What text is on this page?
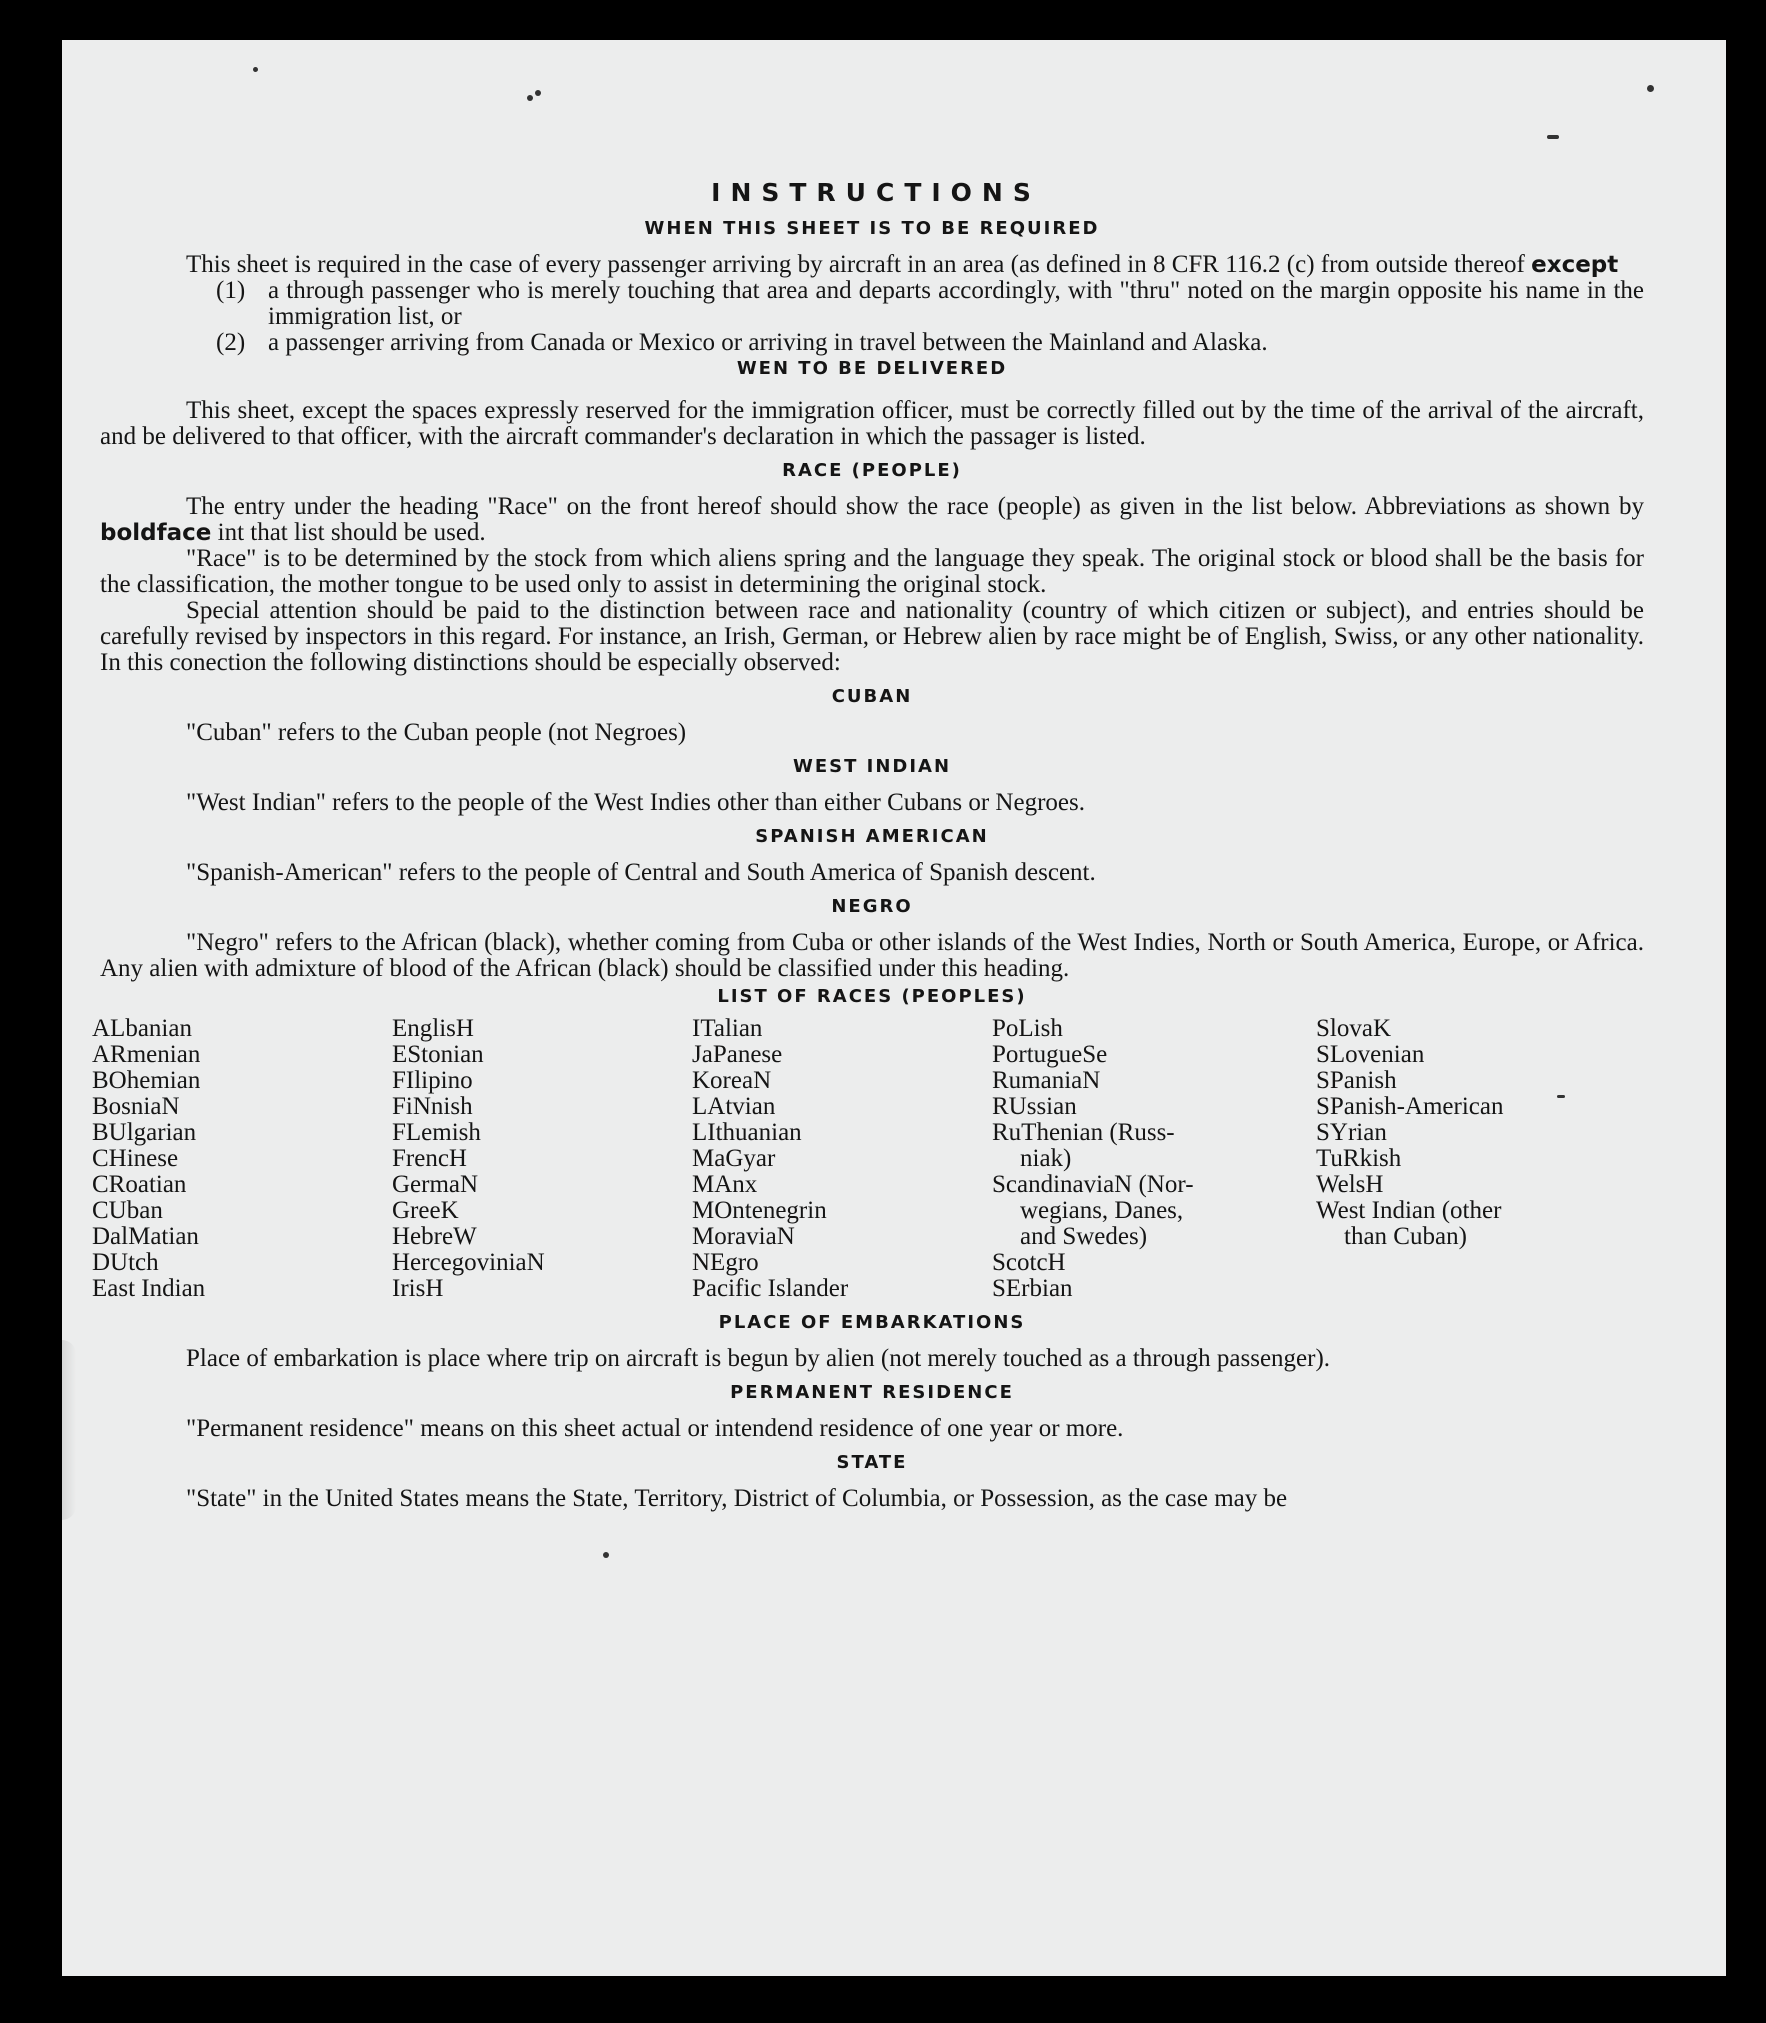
INSTRUCTIONS
WHEN THIS SHEET IS TO BE REQUIRED

This sheet is required in the case of every passenger arriving by aircraft in an area (as defined in 8 CFR 116.2 (c) from outside thereof except

(1) a through passenger who is merely touching that area and departs accordingly, with "thru" noted on the margin opposite his name in the immigration list, or
(2) a passenger arriving from Canada or Mexico or arriving in travel between the Mainland and Alaska.
WEN TO BE DELIVERED

This sheet, except the spaces expressly reserved for the immigration officer, must be correctly filled out by the time of the arrival of the aircraft, and be delivered to that officer, with the aircraft commander's declaration in which the passager is listed.

RACE (PEOPLE)

The entry under the heading "Race" on the front hereof should show the race (people) as given in the list below. Abbreviations as shown by boldface int that list should be used.

"Race" is to be determined by the stock from which aliens spring and the language they speak. The original stock or blood shall be the basis for the classification, the mother tongue to be used only to assist in determining the original stock.

Special attention should be paid to the distinction between race and nationality (country of which citizen or subject), and entries should be carefully revised by inspectors in this regard. For instance, an Irish, German, or Hebrew alien by race might be of English, Swiss, or any other nationality. In this conection the following distinctions should be especially observed:

CUBAN

"Cuban" refers to the Cuban people (not Negroes)

WEST INDIAN

"West Indian" refers to the people of the West Indies other than either Cubans or Negroes.

SPANISH AMERICAN

"Spanish-American" refers to the people of Central and South America of Spanish descent.

NEGRO

"Negro" refers to the African (black), whether coming from Cuba or other islands of the West Indies, North or South America, Europe, or Africa. Any alien with admixture of blood of the African (black) should be classified under this heading.

LIST OF RACES (PEOPLES)
ALbanian
ARmenian
BOhemian
BosniaN
BUlgarian
CHinese
CRoatian
CUban
DalMatian
DUtch
East Indian
EnglisH
EStonian
FIlipino
FiNnish
FLemish
FrencH
GermaN
GreeK
HebreW
HercegoviniaN
IrisH
ITalian
JaPanese
KoreaN
LAtvian
LIthuanian
MaGyar
MAnx
MOntenegrin
MoraviaN
NEgro
Pacific Islander
PoLish
PortugueSe
RumaniaN
RUssian
RuThenian (Russ-
niak)
ScandinaviaN (Nor-
wegians, Danes,
and Swedes)
ScotcH
SErbian
SlovaK
SLovenian
SPanish
SPanish-American
SYrian
TuRkish
WelsH
West Indian (other
than Cuban)
PLACE OF EMBARKATIONS

Place of embarkation is place where trip on aircraft is begun by alien (not merely touched as a through passenger).

PERMANENT RESIDENCE

"Permanent residence" means on this sheet actual or intendend residence of one year or more.

STATE

"State" in the United States means the State, Territory, District of Columbia, or Possession, as the case may be
